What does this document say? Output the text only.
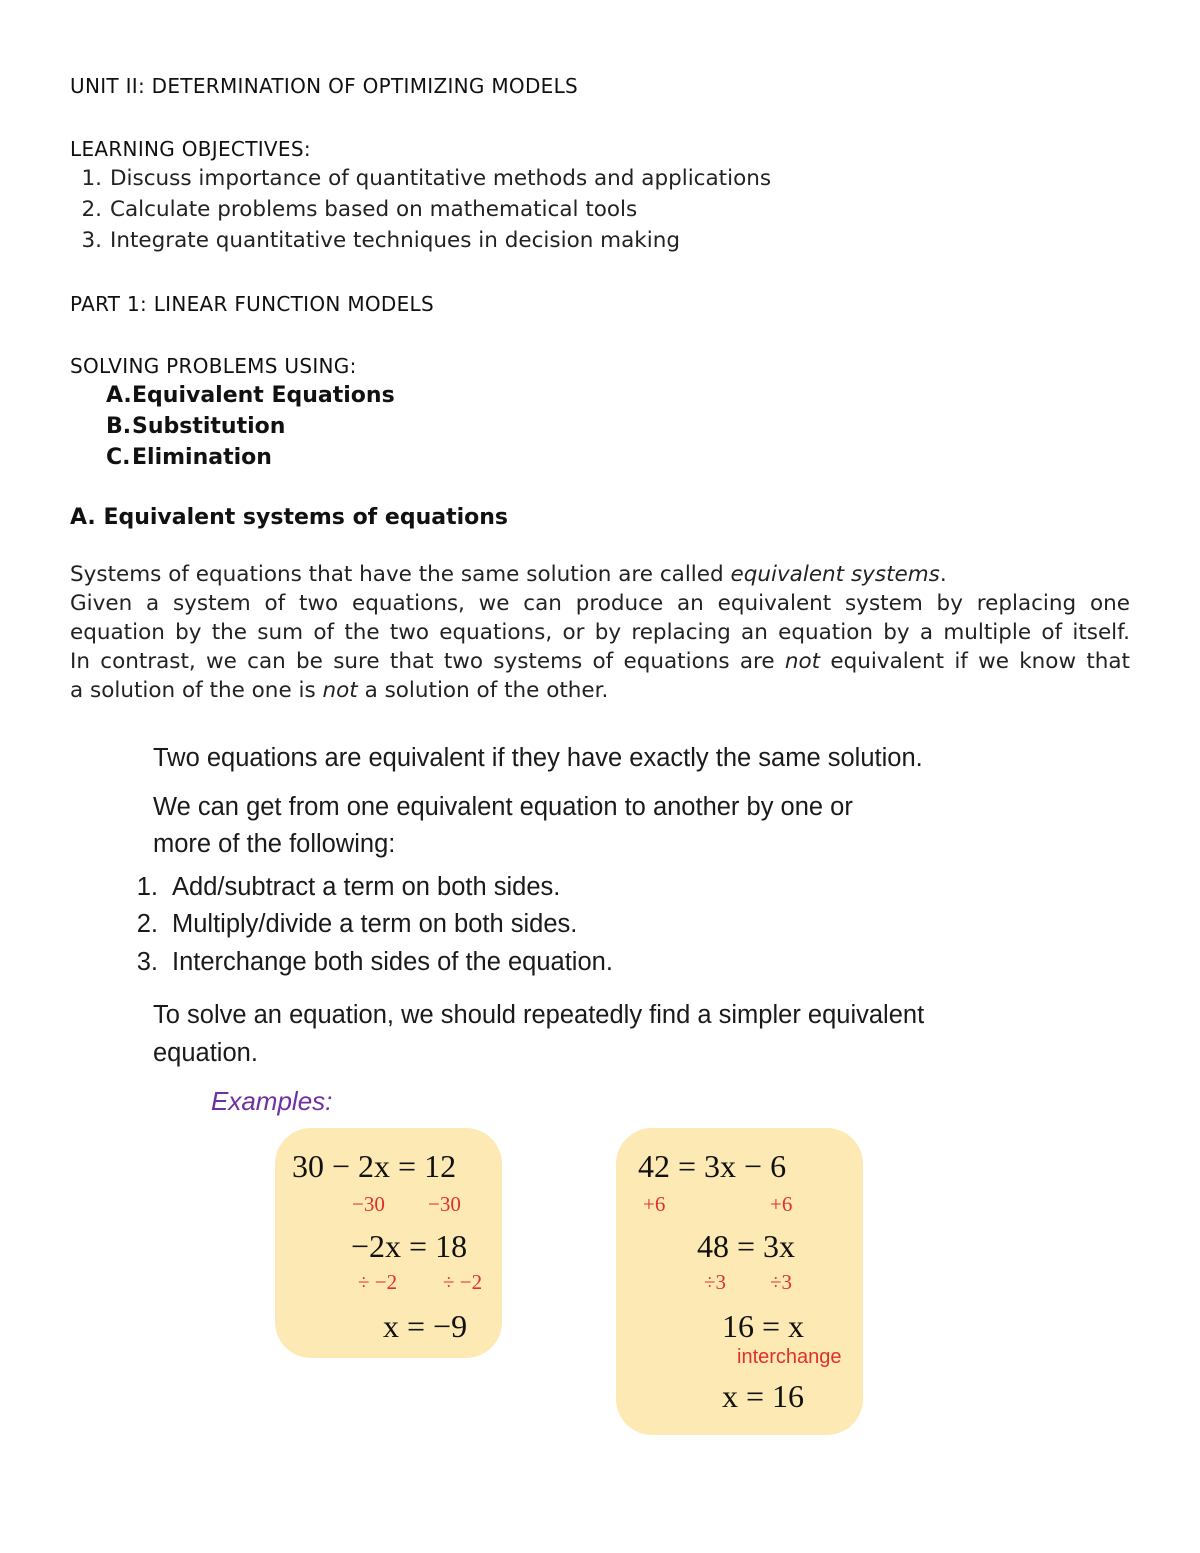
UNIT II: DETERMINATION OF OPTIMIZING MODELS
LEARNING OBJECTIVES:
1. Discuss importance of quantitative methods and applications
2. Calculate problems based on mathematical tools
3. Integrate quantitative techniques in decision making
PART 1: LINEAR FUNCTION MODELS
SOLVING PROBLEMS USING:
A.Equivalent Equations
B.Substitution
C.Elimination
A. Equivalent systems of equations

Systems of equations that have the same solution are called equivalent systems.

Given a system of two equations, we can produce an equivalent system by replacing one

equation by the sum of the two equations, or by replacing an equation by a multiple of itself.

In contrast, we can be sure that two systems of equations are not equivalent if we know that

a solution of the one is not a solution of the other.

Two equations are equivalent if they have exactly the same solution.
We can get from one equivalent equation to another by one or
more of the following:
1. Add/subtract a term on both sides.
2. Multiply/divide a term on both sides.
3. Interchange both sides of the equation.
To solve an equation, we should repeatedly find a simpler equivalent
equation.
Examples:
30 − 2x = 12
−30 −30
−2x = 18
÷ −2 ÷ −2
x = −9
42 = 3x − 6
+6	+6
48 = 3x
÷3 ÷3
16 = x
interchange
x = 16
